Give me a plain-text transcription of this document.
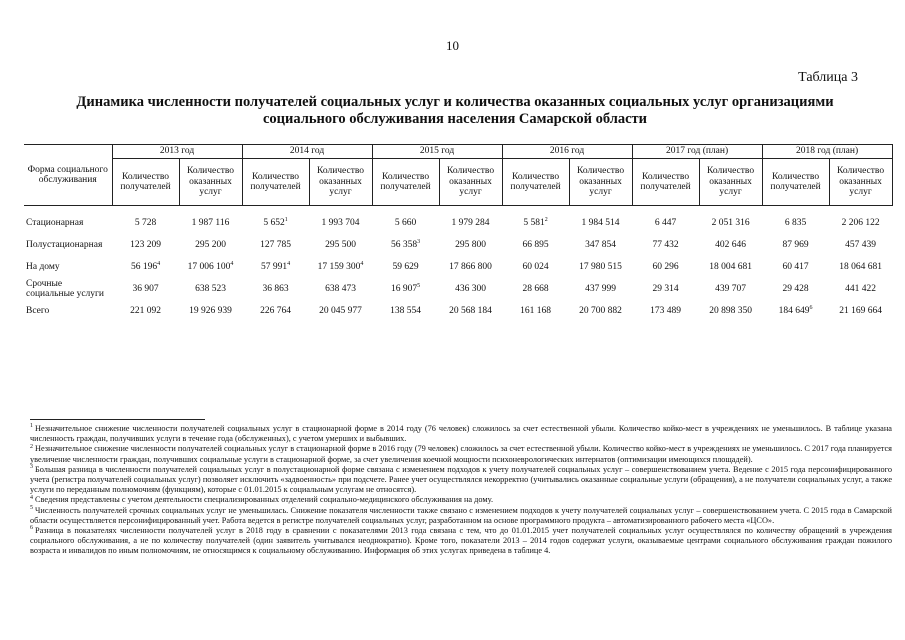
10
Таблица 3
Динамика численности получателей социальных услуг и количества оказанных социальных услуг организациями социального обслуживания населения Самарской области
Форма социального обслуживания	2013 год		2014 год		2015 год		2016 год		2017 год (план)		2018 год (план)	
	Количество получателей	Количество оказанных услуг	Количество получателей	Количество оказанных услуг	Количество получателей	Количество оказанных услуг	Количество получателей	Количество оказанных услуг	Количество получателей	Количество оказанных услуг	Количество получателей	Количество оказанных услуг
Стационарная	5 728	1 987 116	5 $652^1$	1 993 704	5 660	1 979 284	5 $581^2$	1 984 514	6 447	2 051 316	6 835	2 206 122
Полустационарная	123 209	295 200	127 785	295 500	56 $358^3$	295 800	66 895	347 854	77 432	402 646	87 969	457 439
На дому	56 $196^4$	17 006 $100^4$	57 $991^4$	17 159 $300^4$	59 629	17 866 800	60 024	17 980 515	60 296	18 004 681	60 417	18 064 681
Срочные социальные услуги	36 907	638 523	36 863	638 473	16 $907^5$	436 300	28 668	437 999	29 314	439 707	29 428	441 422
Всего	221 092	19 926 939	226 764	20 045 977	138 554	20 568 184	161 168	20 700 882	173 489	20 898 350	184 $649^6$	21 169 664

$^1$ Незначительное снижение численности получателей социальных услуг в стационарной форме в 2014 году (76 человек) сложилось за счет естественной убыли. Количество койко-мест в учреждениях не уменьшилось. В таблице указана численность граждан, получивших услуги в течение года (обслуженных), с учетом умерших и выбывших.

$^2$ Незначительное снижение численности получателей социальных услуг в стационарной форме в 2016 году (79 человек) сложилось за счет естественной убыли. Количество койко-мест в учреждениях не уменьшилось. С 2017 года планируется увеличение численности граждан, получивших социальные услуги в стационарной форме, за счет увеличения коечной мощности психоневрологических интернатов (оптимизации имеющихся площадей).

$^3$ Большая разница в численности получателей социальных услуг в полустационарной форме связана с изменением подходов к учету получателей социальных услуг – совершенствованием учета. Ведение с 2015 года персонифицированного учета (регистра получателей социальных услуг) позволяет исключить «задвоенность» при подсчете. Ранее учет осуществлялся некорректно (учитывались оказанные социальные услуги (обращения), а не получатели социальных услуг, а также услуги по переданным полномочиям (функциям), которые с 01.01.2015 к социальным услугам не относятся).

$^4$ Сведения представлены с учетом деятельности специализированных отделений социально-медицинского обслуживания на дому.

$^5$ Численность получателей срочных социальных услуг не уменьшилась. Снижение показателя численности также связано с изменением подходов к учету получателей социальных услуг – совершенствованием учета. С 2015 года в Самарской области осуществляется персонифицированный учет. Работа ведется в регистре получателей социальных услуг, разработанном на основе программного продукта – автоматизированного рабочего места «ЦСО».

$^6$ Разница в показателях численности получателей услуг в 2018 году в сравнении с показателями 2013 года связана с тем, что до 01.01.2015 учет получателей социальных услуг осуществлялся по количеству обращений в учреждения социального обслуживания, а не по количеству получателей (один заявитель учитывался неоднократно). Кроме того, показатели 2013 – 2014 годов содержат услуги, оказываемые центрами социального обслуживания граждан пожилого возраста и инвалидов по иным полномочиям, не относящимся к социальному обслуживанию. Информация об этих услугах приведена в таблице 4.
